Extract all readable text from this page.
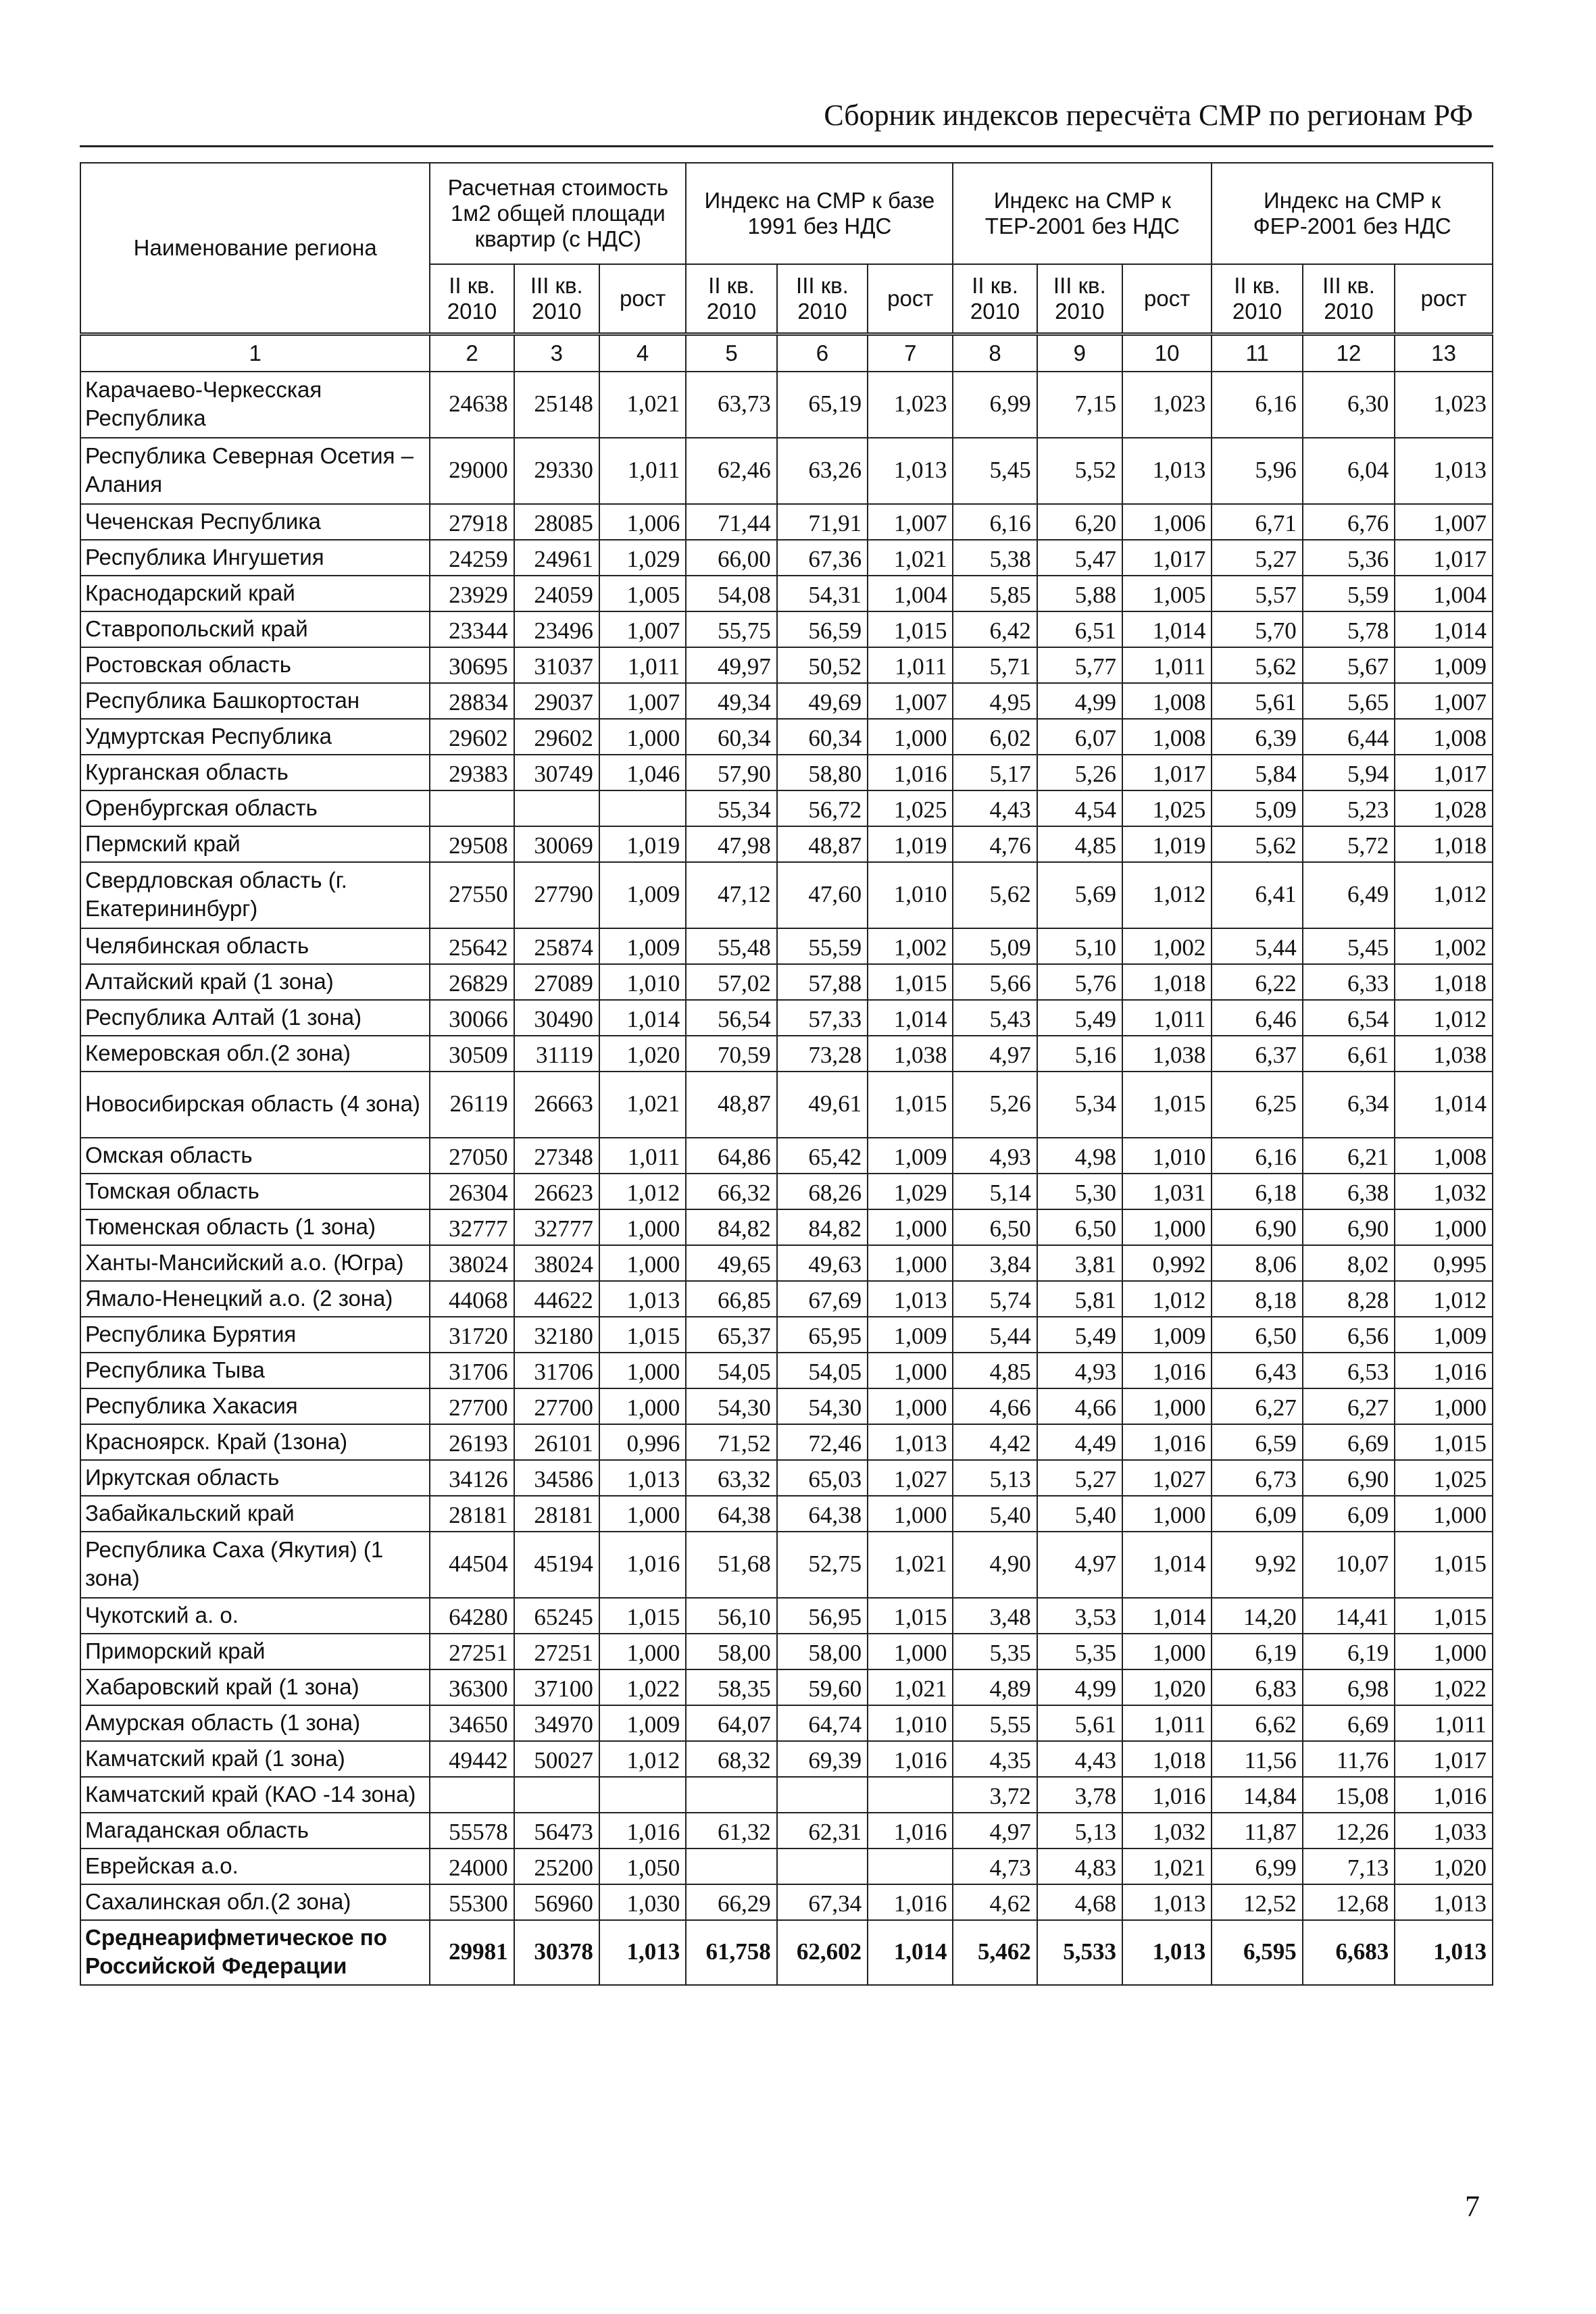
Сборник индексов пересчёта СМР по регионам РФ
Наименование региона	Расчетная стоимость 1м2 общей площади квартир (с НДС)			Индекс на СМР к базе 1991 без НДС			Индекс на СМР к ТЕР-2001 без НДС			Индекс на СМР к ФЕР-2001 без НДС		
	II кв. 2010	III кв. 2010	рост	II кв. 2010	III кв. 2010	рост	II кв. 2010	III кв. 2010	рост	II кв. 2010	III кв. 2010	рост
1	2	3	4	5	6	7	8	9	10	11	12	13
Карачаево-Черкесская Республика	24638	25148	1,021	63,73	65,19	1,023	6,99	7,15	1,023	6,16	6,30	1,023
Республика Северная Осетия – Алания	29000	29330	1,011	62,46	63,26	1,013	5,45	5,52	1,013	5,96	6,04	1,013
Чеченская Республика	27918	28085	1,006	71,44	71,91	1,007	6,16	6,20	1,006	6,71	6,76	1,007
Республика Ингушетия	24259	24961	1,029	66,00	67,36	1,021	5,38	5,47	1,017	5,27	5,36	1,017
Краснодарский край	23929	24059	1,005	54,08	54,31	1,004	5,85	5,88	1,005	5,57	5,59	1,004
Ставропольский край	23344	23496	1,007	55,75	56,59	1,015	6,42	6,51	1,014	5,70	5,78	1,014
Ростовская область	30695	31037	1,011	49,97	50,52	1,011	5,71	5,77	1,011	5,62	5,67	1,009
Республика Башкортостан	28834	29037	1,007	49,34	49,69	1,007	4,95	4,99	1,008	5,61	5,65	1,007
Удмуртская Республика	29602	29602	1,000	60,34	60,34	1,000	6,02	6,07	1,008	6,39	6,44	1,008
Курганская область	29383	30749	1,046	57,90	58,80	1,016	5,17	5,26	1,017	5,84	5,94	1,017
Оренбургская область				55,34	56,72	1,025	4,43	4,54	1,025	5,09	5,23	1,028
Пермский край	29508	30069	1,019	47,98	48,87	1,019	4,76	4,85	1,019	5,62	5,72	1,018
Свердловская область (г. Екатерининбург)	27550	27790	1,009	47,12	47,60	1,010	5,62	5,69	1,012	6,41	6,49	1,012
Челябинская область	25642	25874	1,009	55,48	55,59	1,002	5,09	5,10	1,002	5,44	5,45	1,002
Алтайский край (1 зона)	26829	27089	1,010	57,02	57,88	1,015	5,66	5,76	1,018	6,22	6,33	1,018
Республика Алтай (1 зона)	30066	30490	1,014	56,54	57,33	1,014	5,43	5,49	1,011	6,46	6,54	1,012
Кемеровская обл.(2 зона)	30509	31119	1,020	70,59	73,28	1,038	4,97	5,16	1,038	6,37	6,61	1,038
Новосибирская область (4 зона)	26119	26663	1,021	48,87	49,61	1,015	5,26	5,34	1,015	6,25	6,34	1,014
Омская область	27050	27348	1,011	64,86	65,42	1,009	4,93	4,98	1,010	6,16	6,21	1,008
Томская область	26304	26623	1,012	66,32	68,26	1,029	5,14	5,30	1,031	6,18	6,38	1,032
Тюменская область (1 зона)	32777	32777	1,000	84,82	84,82	1,000	6,50	6,50	1,000	6,90	6,90	1,000
Ханты-Мансийский а.о. (Югра)	38024	38024	1,000	49,65	49,63	1,000	3,84	3,81	0,992	8,06	8,02	0,995
Ямало-Ненецкий а.о. (2 зона)	44068	44622	1,013	66,85	67,69	1,013	5,74	5,81	1,012	8,18	8,28	1,012
Республика Бурятия	31720	32180	1,015	65,37	65,95	1,009	5,44	5,49	1,009	6,50	6,56	1,009
Республика Тыва	31706	31706	1,000	54,05	54,05	1,000	4,85	4,93	1,016	6,43	6,53	1,016
Республика Хакасия	27700	27700	1,000	54,30	54,30	1,000	4,66	4,66	1,000	6,27	6,27	1,000
Красноярск. Край (1зона)	26193	26101	0,996	71,52	72,46	1,013	4,42	4,49	1,016	6,59	6,69	1,015
Иркутская область	34126	34586	1,013	63,32	65,03	1,027	5,13	5,27	1,027	6,73	6,90	1,025
Забайкальский край	28181	28181	1,000	64,38	64,38	1,000	5,40	5,40	1,000	6,09	6,09	1,000
Республика Саха (Якутия) (1 зона)	44504	45194	1,016	51,68	52,75	1,021	4,90	4,97	1,014	9,92	10,07	1,015
Чукотский а. о.	64280	65245	1,015	56,10	56,95	1,015	3,48	3,53	1,014	14,20	14,41	1,015
Приморский край	27251	27251	1,000	58,00	58,00	1,000	5,35	5,35	1,000	6,19	6,19	1,000
Хабаровский край (1 зона)	36300	37100	1,022	58,35	59,60	1,021	4,89	4,99	1,020	6,83	6,98	1,022
Амурская область (1 зона)	34650	34970	1,009	64,07	64,74	1,010	5,55	5,61	1,011	6,62	6,69	1,011
Камчатский край (1 зона)	49442	50027	1,012	68,32	69,39	1,016	4,35	4,43	1,018	11,56	11,76	1,017
Камчатский край (КАО -14 зона)							3,72	3,78	1,016	14,84	15,08	1,016
Магаданская область	55578	56473	1,016	61,32	62,31	1,016	4,97	5,13	1,032	11,87	12,26	1,033
Еврейская а.о.	24000	25200	1,050				4,73	4,83	1,021	6,99	7,13	1,020
Сахалинская обл.(2 зона)	55300	56960	1,030	66,29	67,34	1,016	4,62	4,68	1,013	12,52	12,68	1,013
Среднеарифметическое по Российской Федерации	29981	30378	1,013	61,758	62,602	1,014	5,462	5,533	1,013	6,595	6,683	1,013
7
